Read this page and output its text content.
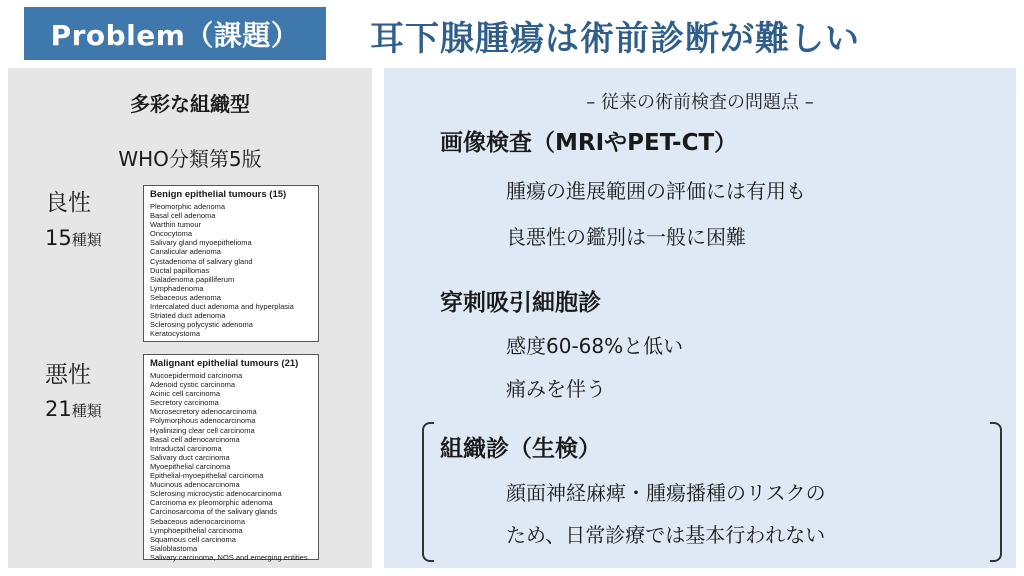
Problem（課題）	耳下腺腫瘍は術前診断が難しい
多彩な組織型
WHO分類第5版
良性
15種類
Benign epithelial tumours (15)
Pleomorphic adenoma
Basal cell adenoma
Warthin tumour
Oncocytoma
Salivary gland myoepithelioma
Canalicular adenoma
Cystadenoma of salivary gland
Ductal papillomas
Sialadenoma papilliferum
Lymphadenoma
Sebaceous adenoma
Intercalated duct adenoma and hyperplasia
Striated duct adenoma
Sclerosing polycystic adenoma
Keratocystoma
悪性
21種類
Malignant epithelial tumours (21)
Mucoepidermoid carcinoma
Adenoid cystic carcinoma
Acinic cell carcinoma
Secretory carcinoma
Microsecretory adenocarcinoma
Polymorphous adenocarcinoma
Hyalinizing clear cell carcinoma
Basal cell adenocarcinoma
Intraductal carcinoma
Salivary duct carcinoma
Myoepithelial carcinoma
Epithelial-myoepithelial carcinoma
Mucinous adenocarcinoma
Sclerosing microcystic adenocarcinoma
Carcinoma ex pleomorphic adenoma
Carcinosarcoma of the salivary glands
Sebaceous adenocarcinoma
Lymphoepithelial carcinoma
Squamous cell carcinoma
Sialoblastoma
Salivary carcinoma, NOS and emerging entities
– 従来の術前検査の問題点 –
画像検査（MRIやPET-CT）
腫瘍の進展範囲の評価には有用も
良悪性の鑑別は一般に困難
穿刺吸引細胞診
感度60-68%と低い
痛みを伴う
組織診（生検）
顔面神経麻痺・腫瘍播種のリスクの
ため、日常診療では基本行われない
